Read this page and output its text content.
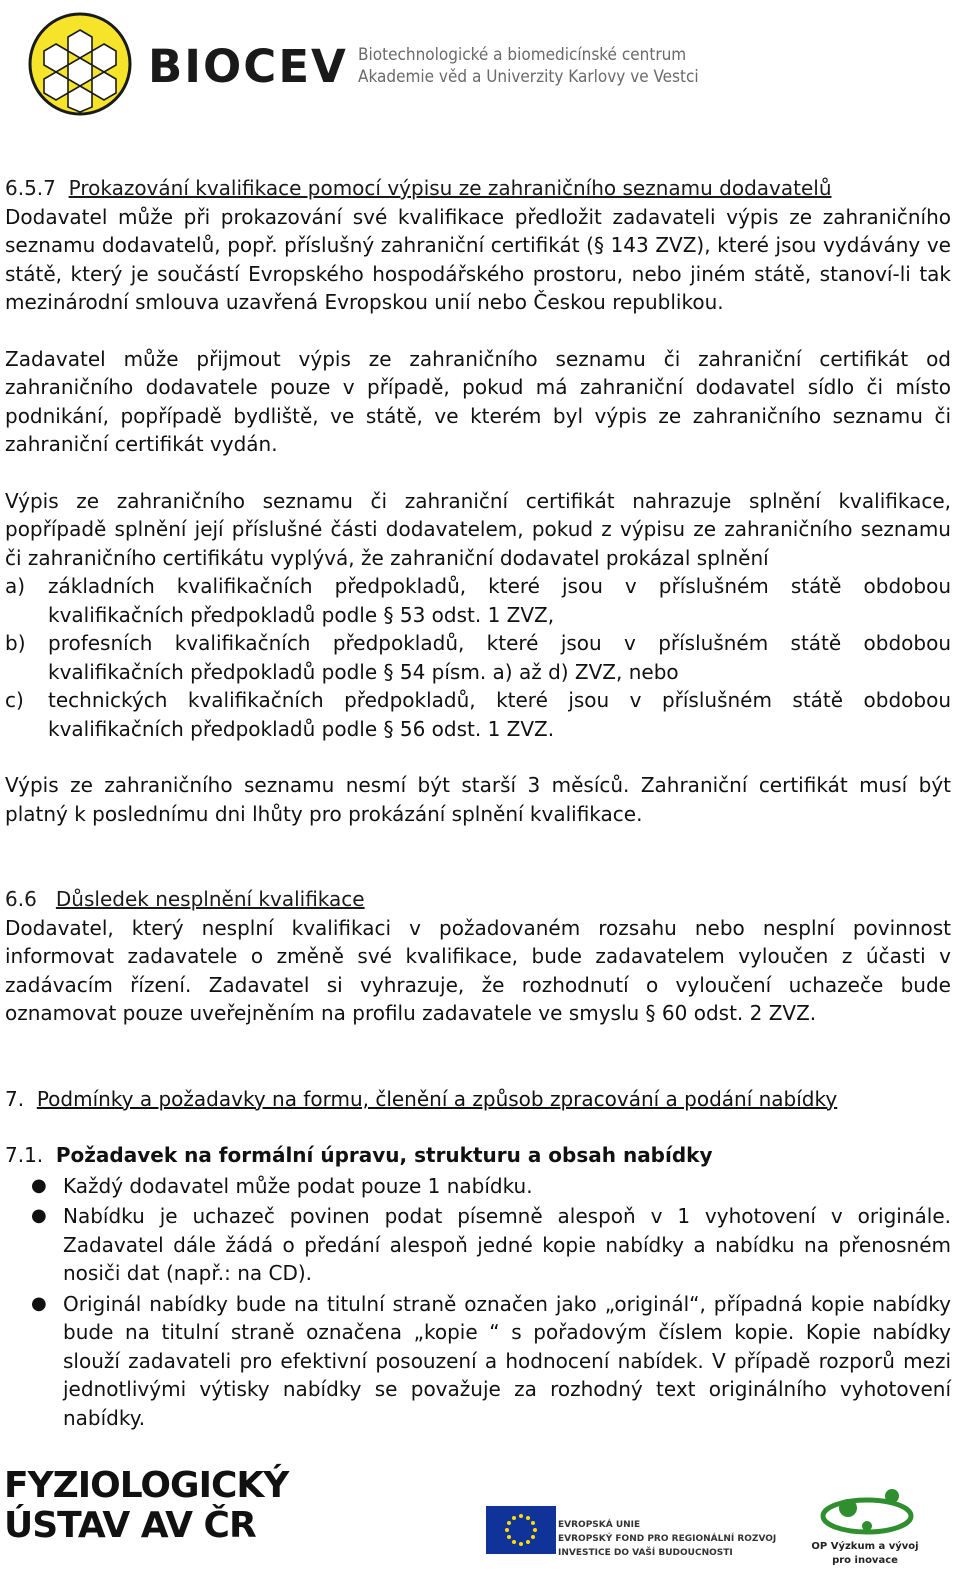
BIOCEV Biotechnologické a biomedicínské centrum
Akademie věd a Univerzity Karlovy ve Vestci

6.5.7 Prokazování kvalifikace pomocí výpisu ze zahraničního seznamu dodavatelů

Dodavatel může při prokazování své kvalifikace předložit zadavateli výpis ze zahraničního seznamu dodavatelů, popř. příslušný zahraniční certifikát (§ 143 ZVZ), které jsou vydávány ve státě, který je součástí Evropského hospodářského prostoru, nebo jiném státě, stanoví-li tak mezinárodní smlouva uzavřená Evropskou unií nebo Českou republikou.

Zadavatel může přijmout výpis ze zahraničního seznamu či zahraniční certifikát od zahraničního dodavatele pouze v případě, pokud má zahraniční dodavatel sídlo či místo podnikání, popřípadě bydliště, ve státě, ve kterém byl výpis ze zahraničního seznamu či zahraniční certifikát vydán.

Výpis ze zahraničního seznamu či zahraniční certifikát nahrazuje splnění kvalifikace, popřípadě splnění její příslušné části dodavatelem, pokud z výpisu ze zahraničního seznamu či zahraničního certifikátu vyplývá, že zahraniční dodavatel prokázal splnění

a) základních kvalifikačních předpokladů, které jsou v příslušném státě obdobou kvalifikačních předpokladů podle § 53 odst. 1 ZVZ,
b) profesních kvalifikačních předpokladů, které jsou v příslušném státě obdobou kvalifikačních předpokladů podle § 54 písm. a) až d) ZVZ, nebo
c) technických kvalifikačních předpokladů, které jsou v příslušném státě obdobou kvalifikačních předpokladů podle § 56 odst. 1 ZVZ.

Výpis ze zahraničního seznamu nesmí být starší 3 měsíců. Zahraniční certifikát musí být platný k poslednímu dni lhůty pro prokázání splnění kvalifikace.

6.6 Důsledek nesplnění kvalifikace

Dodavatel, který nesplní kvalifikaci v požadovaném rozsahu nebo nesplní povinnost informovat zadavatele o změně své kvalifikace, bude zadavatelem vyloučen z účasti v zadávacím řízení. Zadavatel si vyhrazuje, že rozhodnutí o vyloučení uchazeče bude oznamovat pouze uveřejněním na profilu zadavatele ve smyslu § 60 odst. 2 ZVZ.

7. Podmínky a požadavky na formu, členění a způsob zpracování a podání nabídky

7.1. Požadavek na formální úpravu, strukturu a obsah nabídky

● Každý dodavatel může podat pouze 1 nabídku.
● Nabídku je uchazeč povinen podat písemně alespoň v 1 vyhotovení v originále. Zadavatel dále žádá o předání alespoň jedné kopie nabídky a nabídku na přenosném nosiči dat (např.: na CD).
● Originál nabídky bude na titulní straně označen jako „originál“, případná kopie nabídky bude na titulní straně označena „kopie “ s pořadovým číslem kopie. Kopie nabídky slouží zadavateli pro efektivní posouzení a hodnocení nabídek. V případě rozporů mezi jednotlivými výtisky nabídky se považuje za rozhodný text originálního vyhotovení nabídky.
FYZIOLOGICKÝ
ÚSTAV AV ČR	EVROPSKÁ UNIE
EVROPSKÝ FOND PRO REGIONÁLNÍ ROZVOJ
INVESTICE DO VAŠÍ BUDOUCNOSTI
OP Výzkum a vývoj
pro inovace
